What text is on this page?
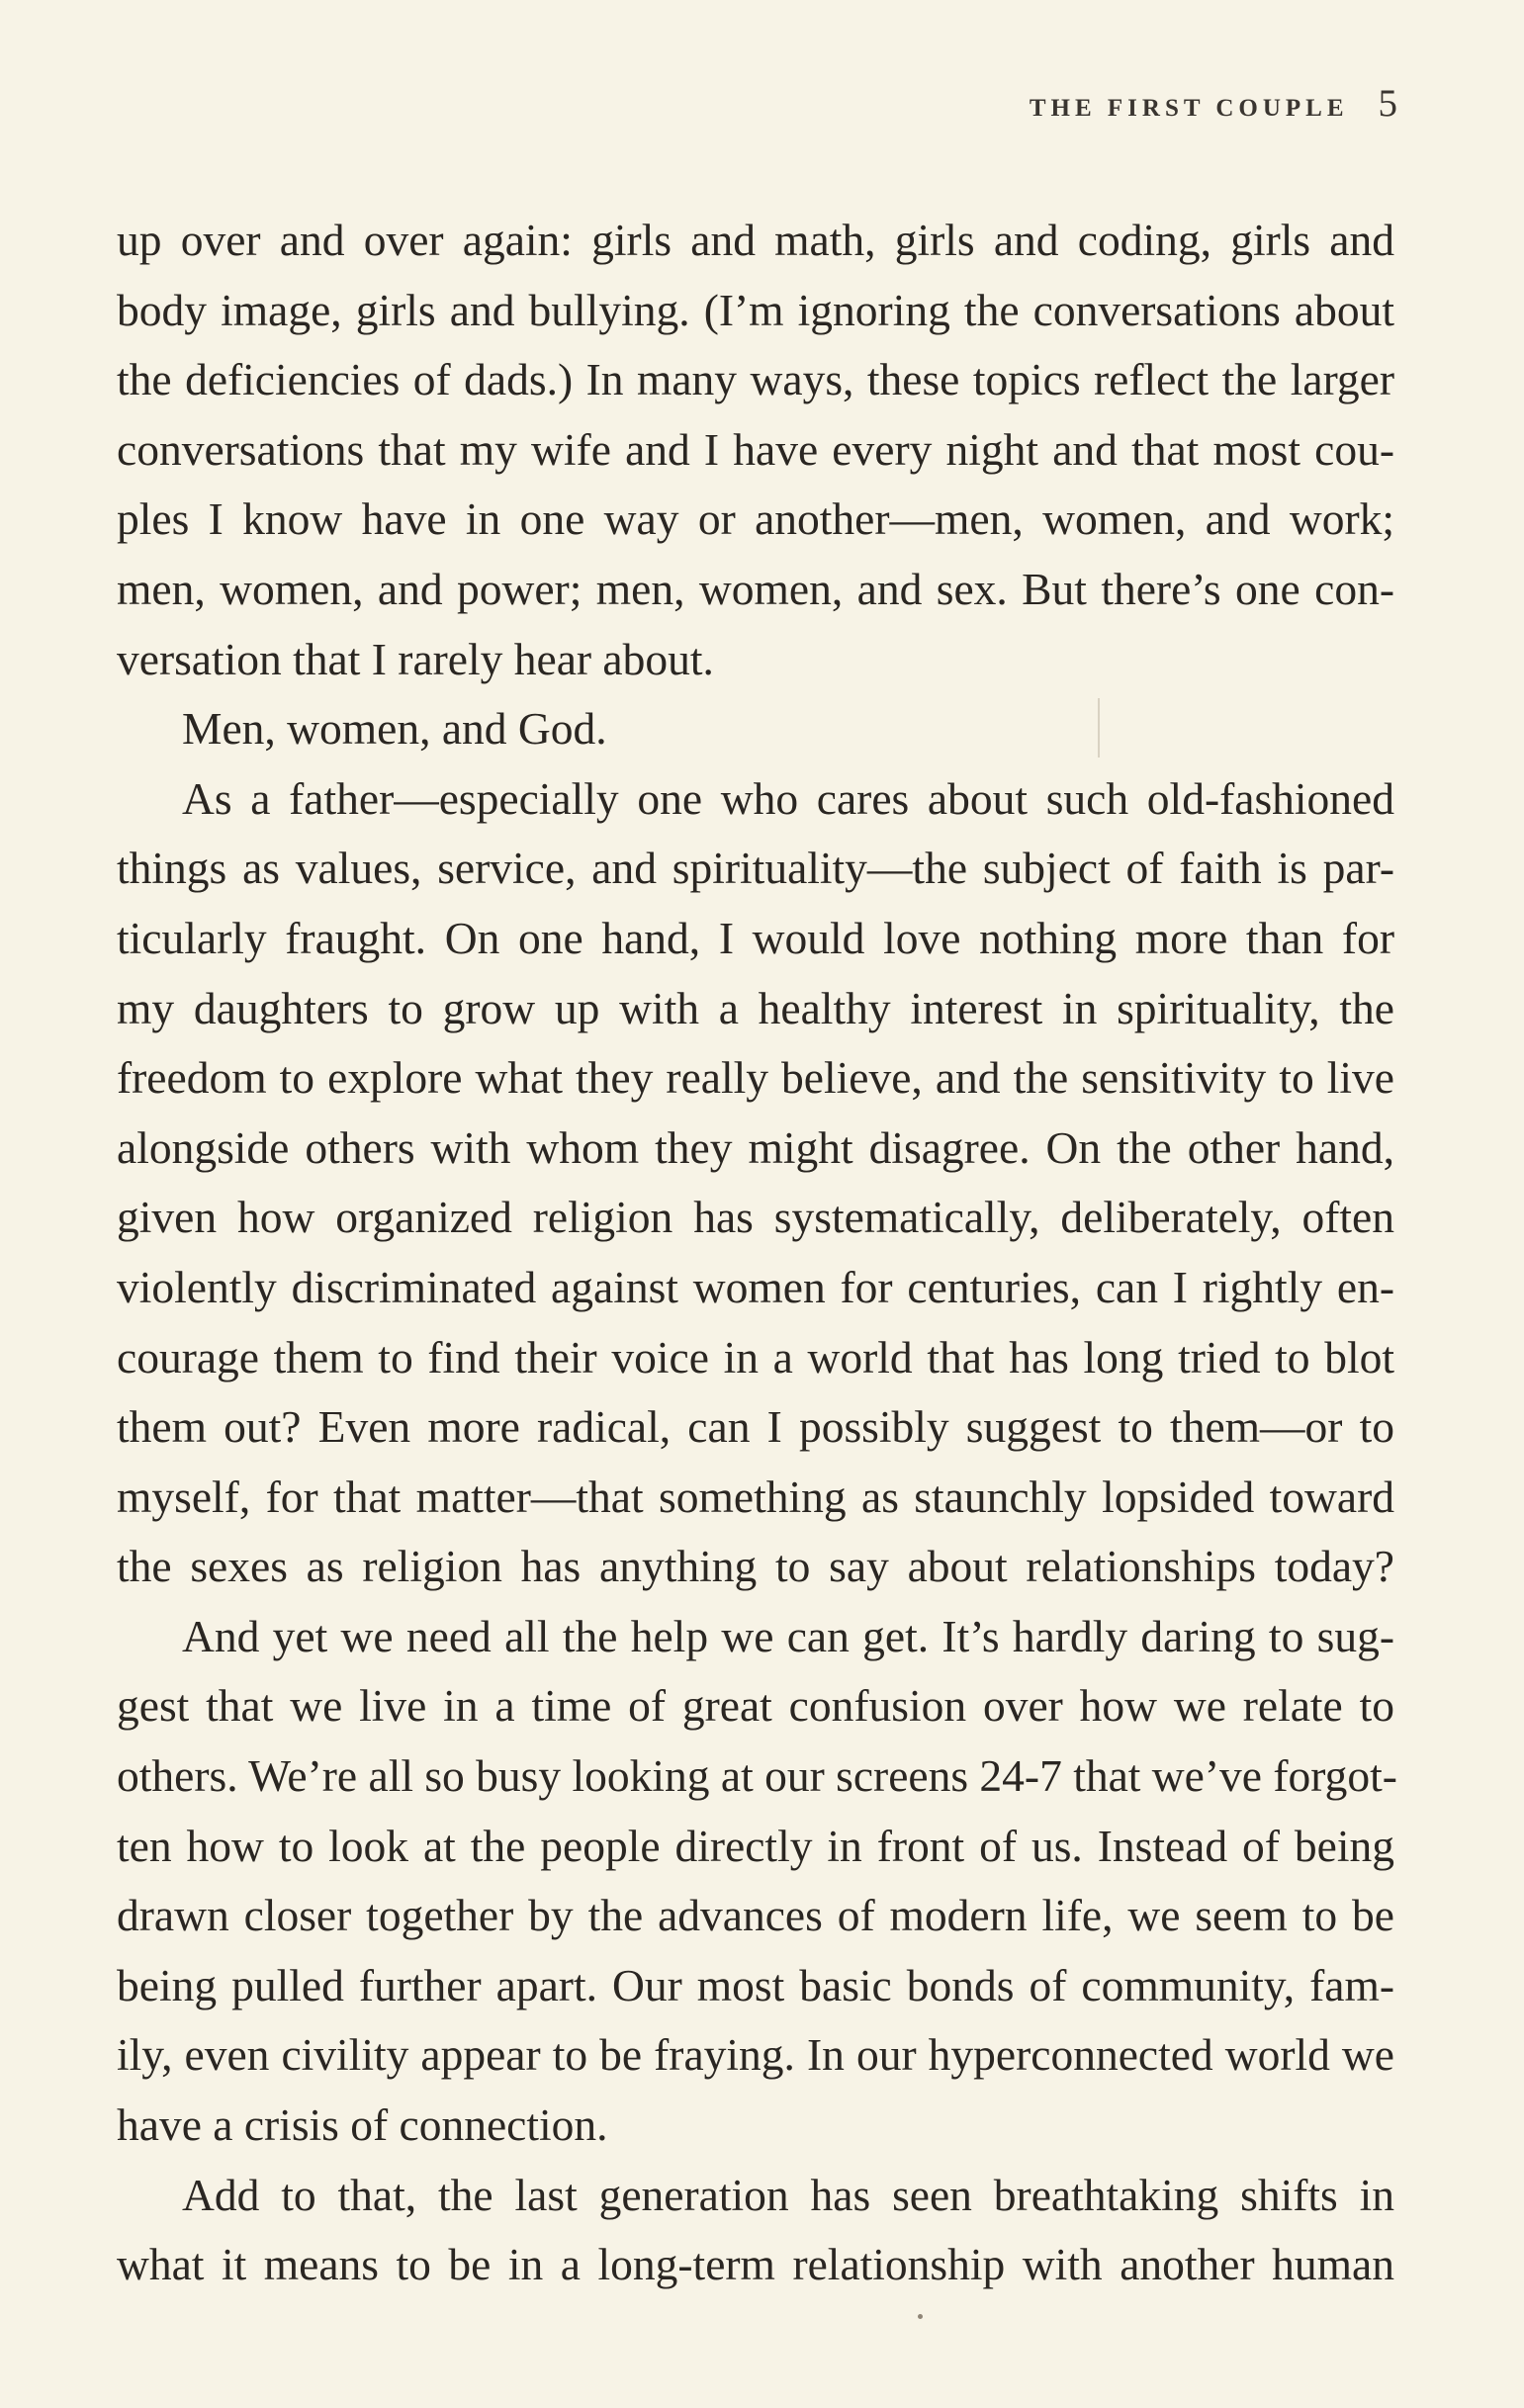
THE FIRST COUPLE 5
up over and over again: girls and math, girls and coding, girls and
body image, girls and bullying. (I’m ignoring the conversations about
the deficiencies of dads.) In many ways, these topics reflect the larger
conversations that my wife and I have every night and that most cou-
ples I know have in one way or another—men, women, and work;
men, women, and power; men, women, and sex. But there’s one con-
versation that I rarely hear about.
Men, women, and God.
As a father—especially one who cares about such old-fashioned
things as values, service, and spirituality—the subject of faith is par-
ticularly fraught. On one hand, I would love nothing more than for
my daughters to grow up with a healthy interest in spirituality, the
freedom to explore what they really believe, and the sensitivity to live
alongside others with whom they might disagree. On the other hand,
given how organized religion has systematically, deliberately, often
violently discriminated against women for centuries, can I rightly en-
courage them to find their voice in a world that has long tried to blot
them out? Even more radical, can I possibly suggest to them—or to
myself, for that matter—that something as staunchly lopsided toward
the sexes as religion has anything to say about relationships today?
And yet we need all the help we can get. It’s hardly daring to sug-
gest that we live in a time of great confusion over how we relate to
others. We’re all so busy looking at our screens 24-7 that we’ve forgot-
ten how to look at the people directly in front of us. Instead of being
drawn closer together by the advances of modern life, we seem to be
being pulled further apart. Our most basic bonds of community, fam-
ily, even civility appear to be fraying. In our hyperconnected world we
have a crisis of connection.
Add to that, the last generation has seen breathtaking shifts in
what it means to be in a long-term relationship with another human
